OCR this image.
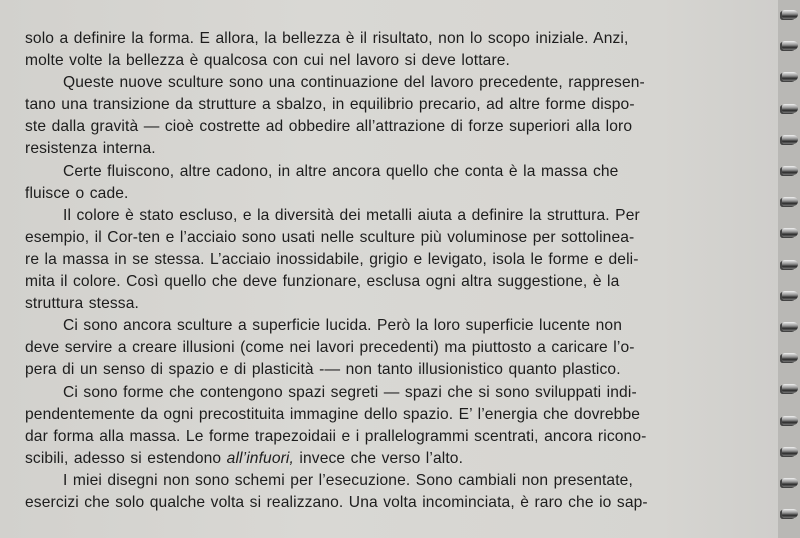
solo a definire la forma. E allora, la bellezza è il risultato, non lo scopo iniziale. Anzi,
molte volte la bellezza è qualcosa con cui nel lavoro si deve lottare.

Queste nuove sculture sono una continuazione del lavoro precedente, rappresen-
tano una transizione da strutture a sbalzo, in equilibrio precario, ad altre forme dispo-
ste dalla gravità — cioè costrette ad obbedire all’attrazione di forze superiori alla loro
resistenza interna.

Certe fluiscono, altre cadono, in altre ancora quello che conta è la massa che
fluisce o cade.

Il colore è stato escluso, e la diversità dei metalli aiuta a definire la struttura. Per
esempio, il Cor-ten e l’acciaio sono usati nelle sculture più voluminose per sottolinea-
re la massa in se stessa. L’acciaio inossidabile, grigio e levigato, isola le forme e deli-
mita il colore. Così quello che deve funzionare, esclusa ogni altra suggestione, è la
struttura stessa.

Ci sono ancora sculture a superficie lucida. Però la loro superficie lucente non
deve servire a creare illusioni (come nei lavori precedenti) ma piuttosto a caricare l’o-
pera di un senso di spazio e di plasticità -— non tanto illusionistico quanto plastico.

Ci sono forme che contengono spazi segreti — spazi che si sono sviluppati indi-
pendentemente da ogni precostituita immagine dello spazio. E’ l’energia che dovrebbe
dar forma alla massa. Le forme trapezoidaii e i prallelogrammi scentrati, ancora ricono-
scibili, adesso si estendono all’infuori, invece che verso l’alto.

I miei disegni non sono schemi per l’esecuzione. Sono cambiali non presentate,
esercizi che solo qualche volta si realizzano. Una volta incominciata, è raro che io sap-
